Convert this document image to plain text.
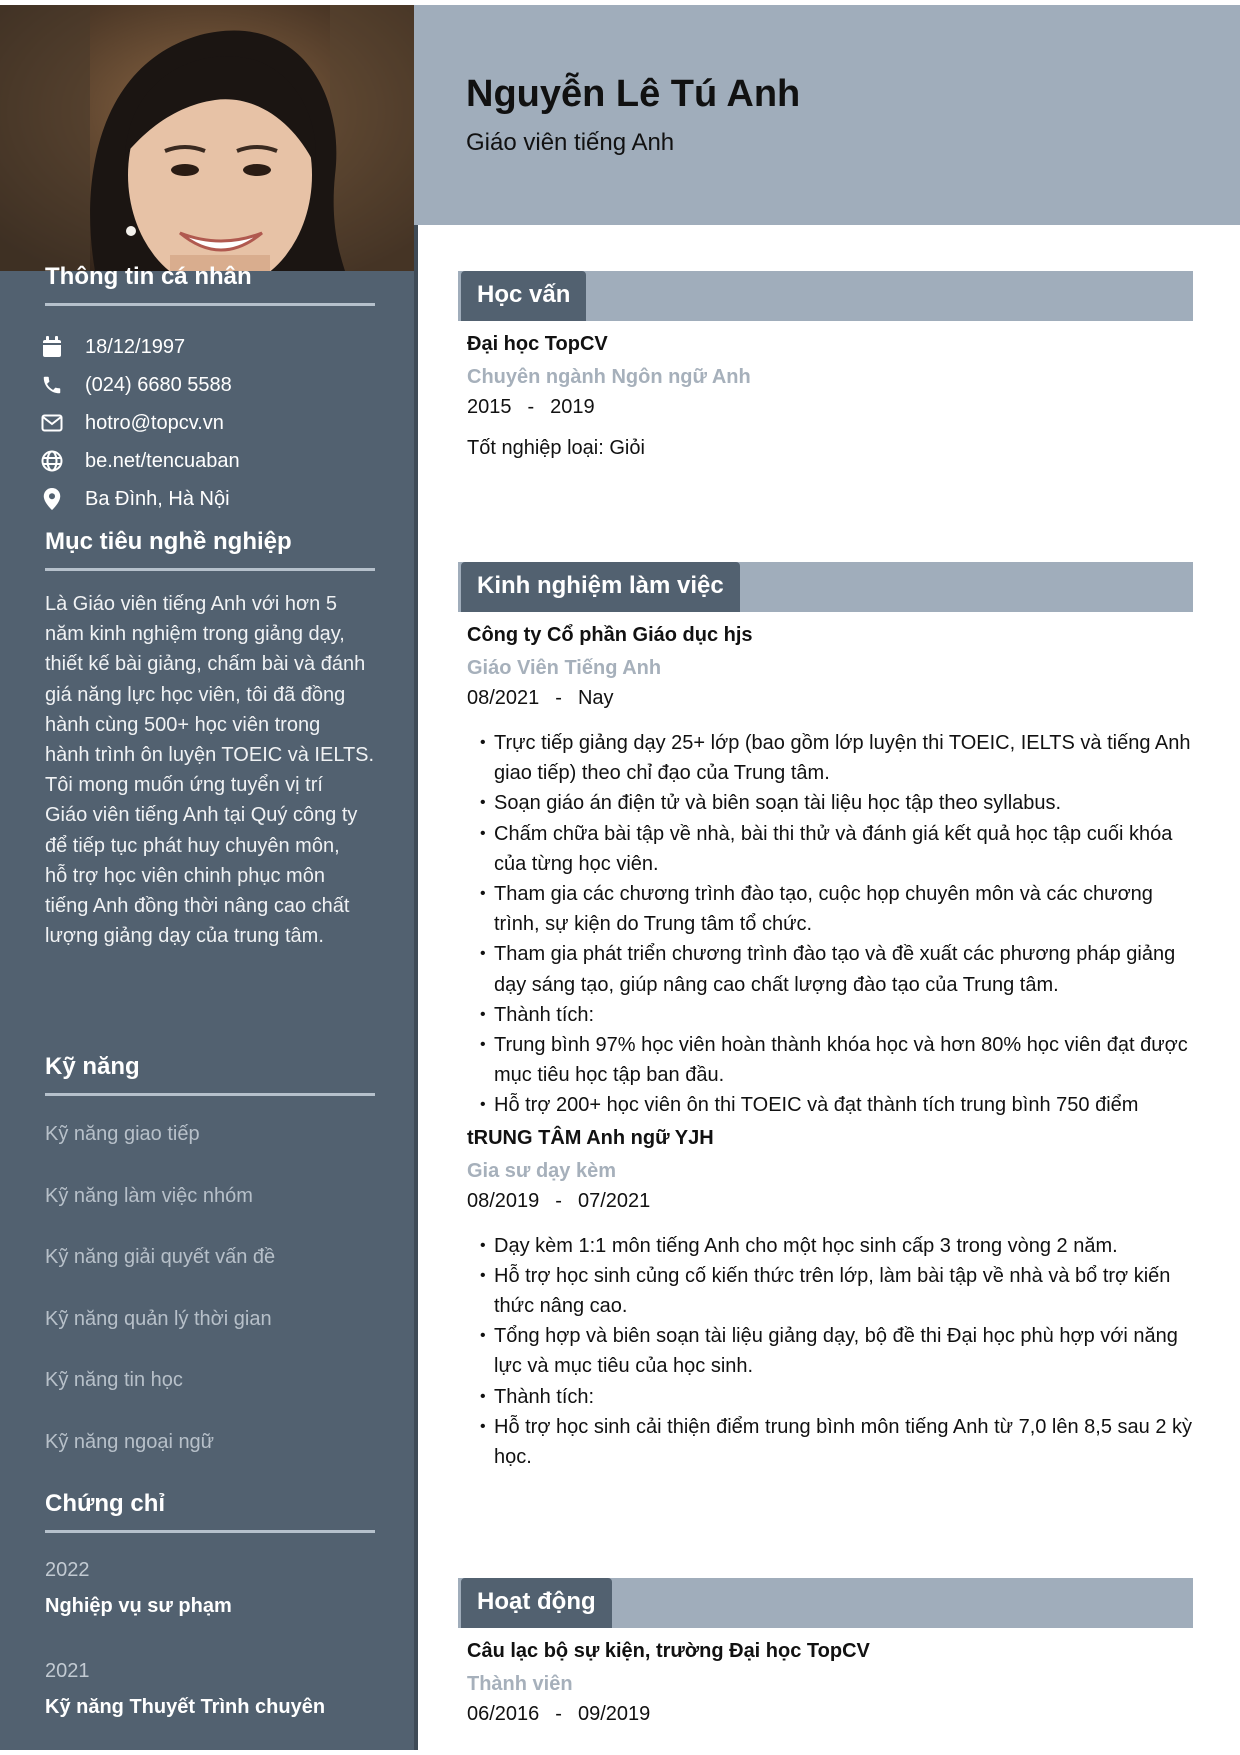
Thông tin cá nhân
18/12/1997
(024) 6680 5588
hotro@topcv.vn
be.net/tencuaban
Ba Đình, Hà Nội
Mục tiêu nghề nghiệp

Là Giáo viên tiếng Anh với hơn 5
năm kinh nghiệm trong giảng dạy,
thiết kế bài giảng, chấm bài và đánh
giá năng lực học viên, tôi đã đồng
hành cùng 500+ học viên trong
hành trình ôn luyện TOEIC và IELTS.
Tôi mong muốn ứng tuyển vị trí
Giáo viên tiếng Anh tại Quý công ty
để tiếp tục phát huy chuyên môn,
hỗ trợ học viên chinh phục môn
tiếng Anh đồng thời nâng cao chất
lượng giảng dạy của trung tâm.

Kỹ năng
Kỹ năng giao tiếp
Kỹ năng làm việc nhóm
Kỹ năng giải quyết vấn đề
Kỹ năng quản lý thời gian
Kỹ năng tin học
Kỹ năng ngoại ngữ
Chứng chỉ
2022
Nghiệp vụ sư phạm
2021
Kỹ năng Thuyết Trình chuyên
Nguyễn Lê Tú Anh

Giáo viên tiếng Anh

Học vấn
Đại học TopCV
Chuyên ngành Ngôn ngữ Anh
2015 - 2019
Tốt nghiệp loại: Giỏi
Kinh nghiệm làm việc
Công ty Cổ phần Giáo dục hjs
Giáo Viên Tiếng Anh
08/2021 - Nay
• Trực tiếp giảng dạy 25+ lớp (bao gồm lớp luyện thi TOEIC, IELTS và tiếng Anh giao tiếp) theo chỉ đạo của Trung tâm.
• Soạn giáo án điện tử và biên soạn tài liệu học tập theo syllabus.
• Chấm chữa bài tập về nhà, bài thi thử và đánh giá kết quả học tập cuối khóa của từng học viên.
• Tham gia các chương trình đào tạo, cuộc họp chuyên môn và các chương trình, sự kiện do Trung tâm tổ chức.
• Tham gia phát triển chương trình đào tạo và đề xuất các phương pháp giảng dạy sáng tạo, giúp nâng cao chất lượng đào tạo của Trung tâm.
• Thành tích:
• Trung bình 97% học viên hoàn thành khóa học và hơn 80% học viên đạt được mục tiêu học tập ban đầu.
• Hỗ trợ 200+ học viên ôn thi TOEIC và đạt thành tích trung bình 750 điểm
tRUNG TÂM Anh ngữ YJH
Gia sư dạy kèm
08/2019 - 07/2021
• Dạy kèm 1:1 môn tiếng Anh cho một học sinh cấp 3 trong vòng 2 năm.
• Hỗ trợ học sinh củng cố kiến thức trên lớp, làm bài tập về nhà và bổ trợ kiến thức nâng cao.
• Tổng hợp và biên soạn tài liệu giảng dạy, bộ đề thi Đại học phù hợp với năng lực và mục tiêu của học sinh.
• Thành tích:
• Hỗ trợ học sinh cải thiện điểm trung bình môn tiếng Anh từ 7,0 lên 8,5 sau 2 kỳ học.
Hoạt động
Câu lạc bộ sự kiện, trường Đại học TopCV
Thành viên
06/2016 - 09/2019
